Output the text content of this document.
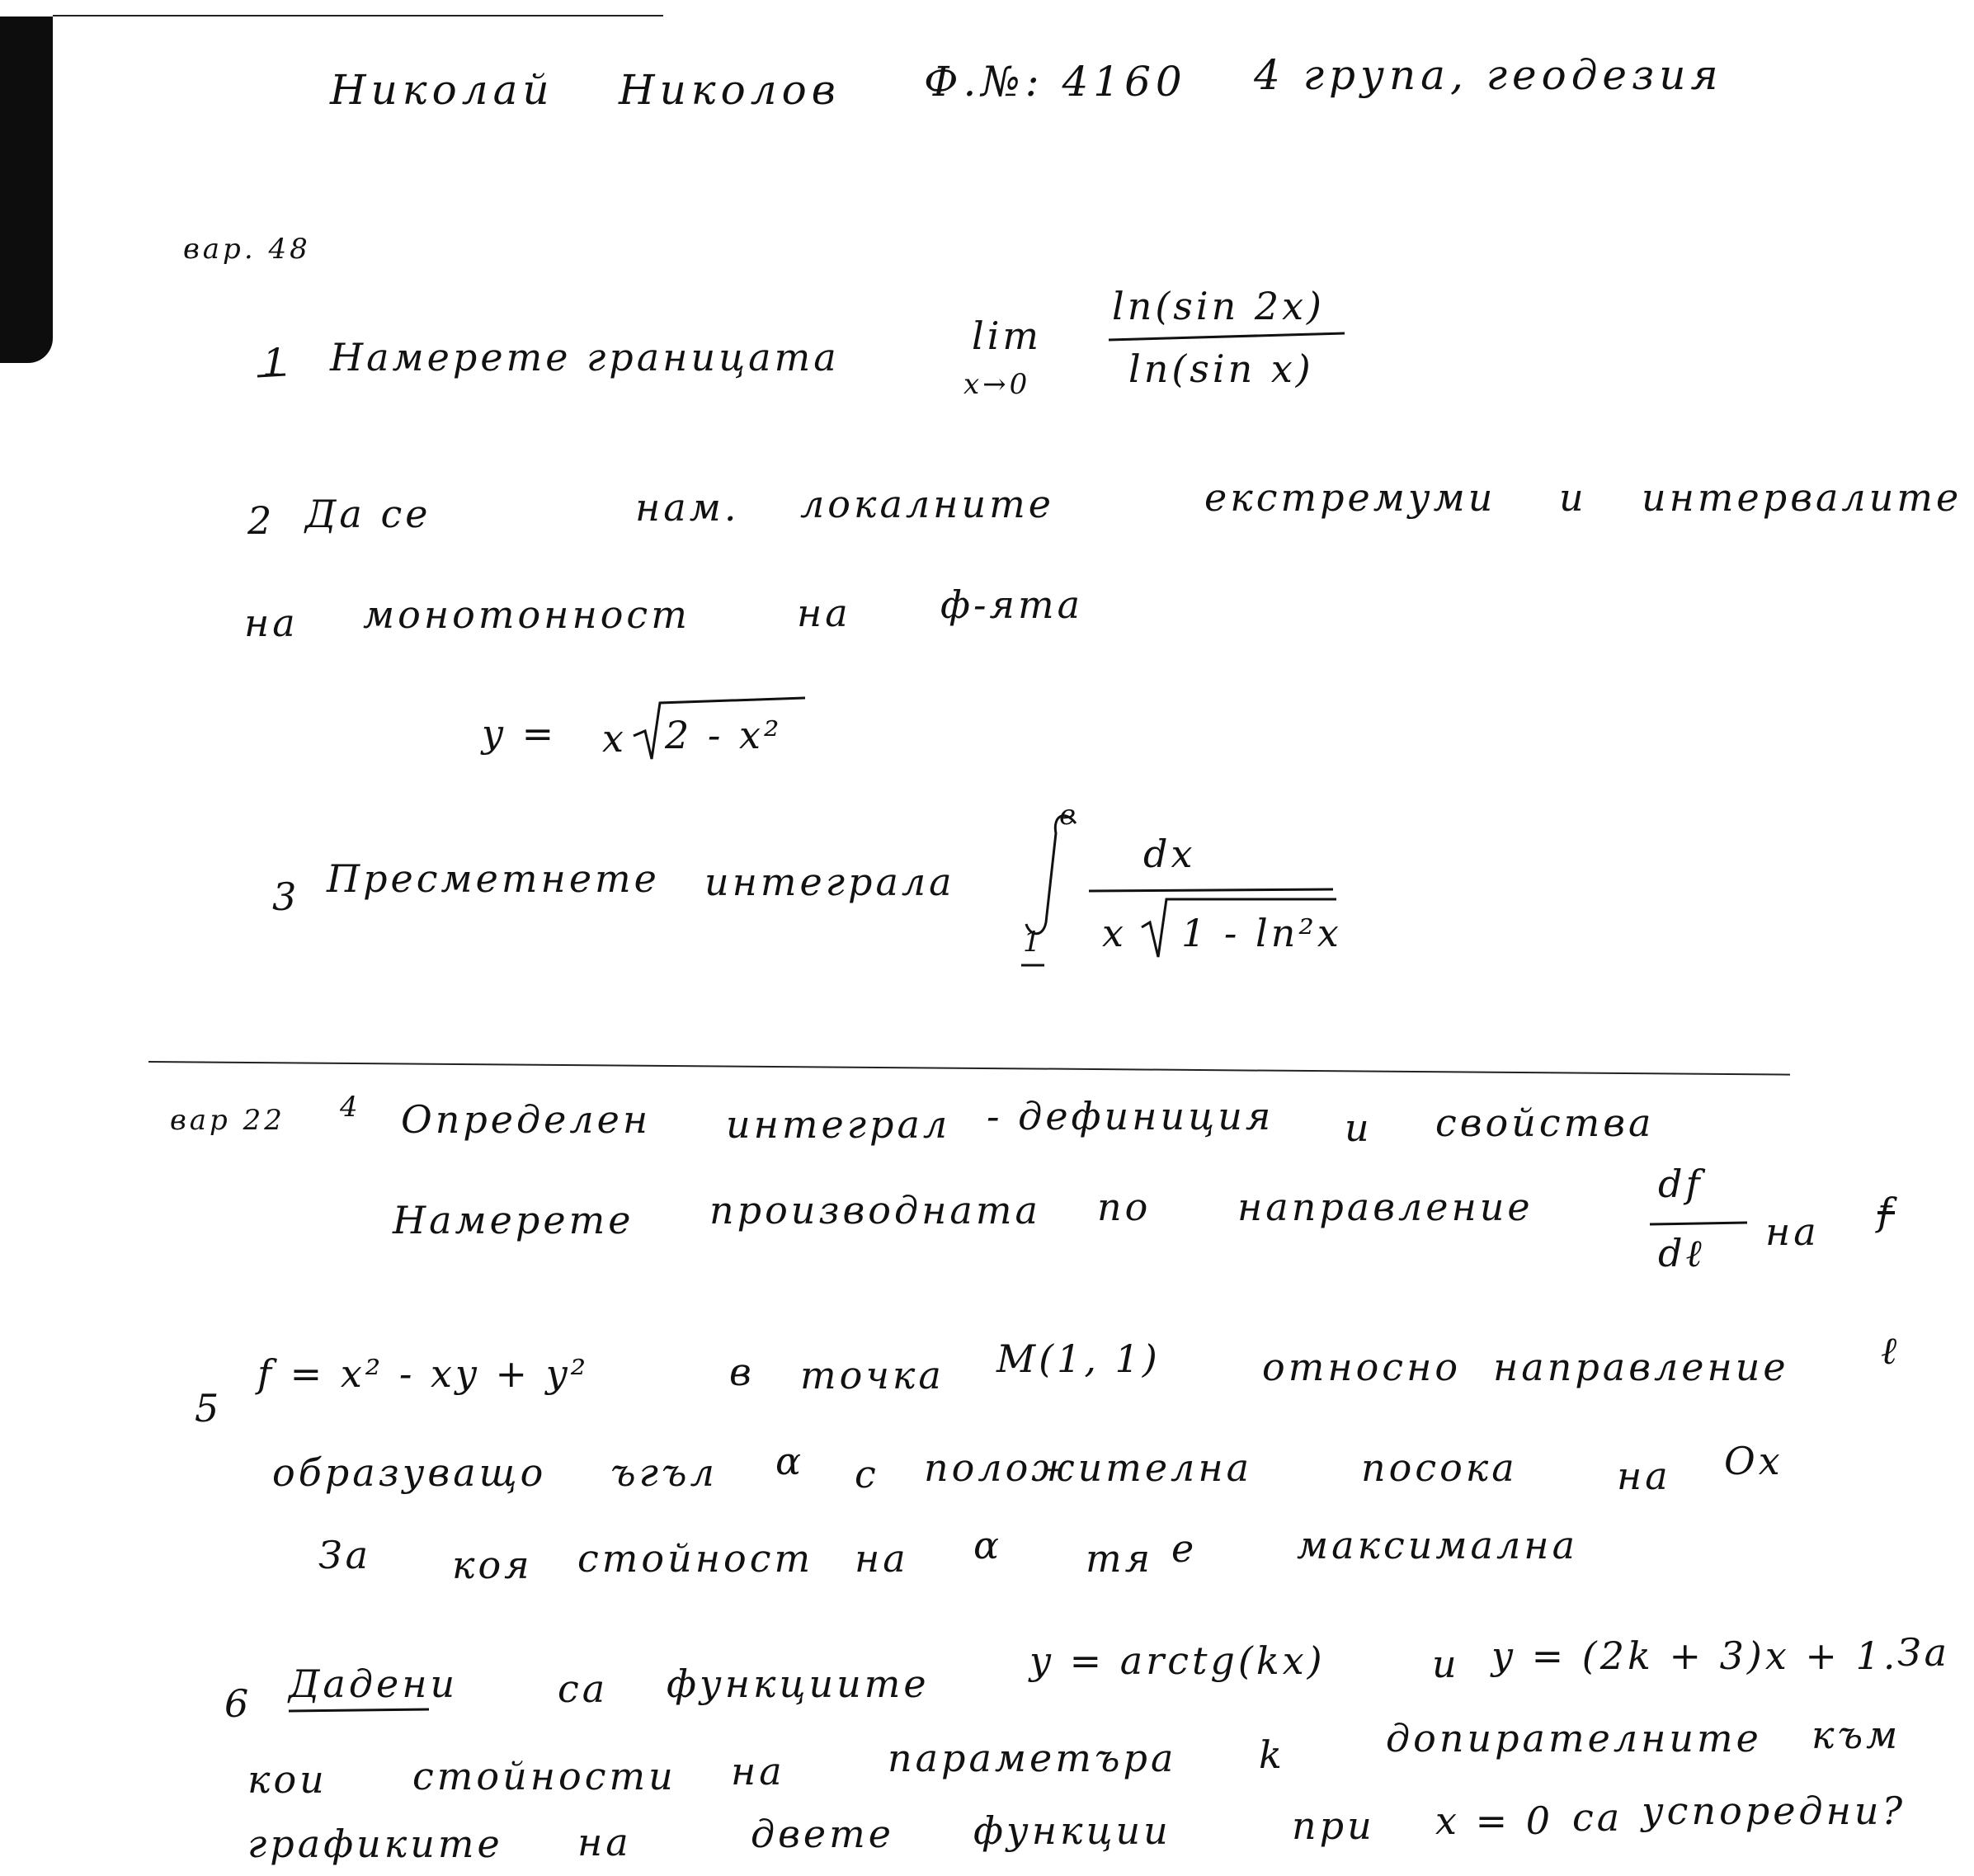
Николай Николов Ф.№: 4160 4 група, геодезия
вар. 48
1 Намерете границата	lim
x→0
ln(sin 2x)
ln(sin x)
2 Да се	нам. локалните	екстремуми и интервалите
на монотонност	на ф-ята
y = x 2 - x²
3 Пресметнете интеграла
e
1
dx
x 1 - ln²x
вар 22 4 Определен интеграл - дефиниция и свойства
Намерете производната по направление
df
dℓ на f
5
f = x² - xy + y²	в точка M(1, 1)	относно направление ℓ
образуващо ъгъл α с положителна	посока	на Ox
За коя стойност на α тя е	максимална
6 Дадени	са функциите
y = arctg(kx)	и y = (2k + 3)x + 1.
За
кои стойности на	параметъра k	допирателните към
графиките на	двете функции	при x = 0 са успоредни?
